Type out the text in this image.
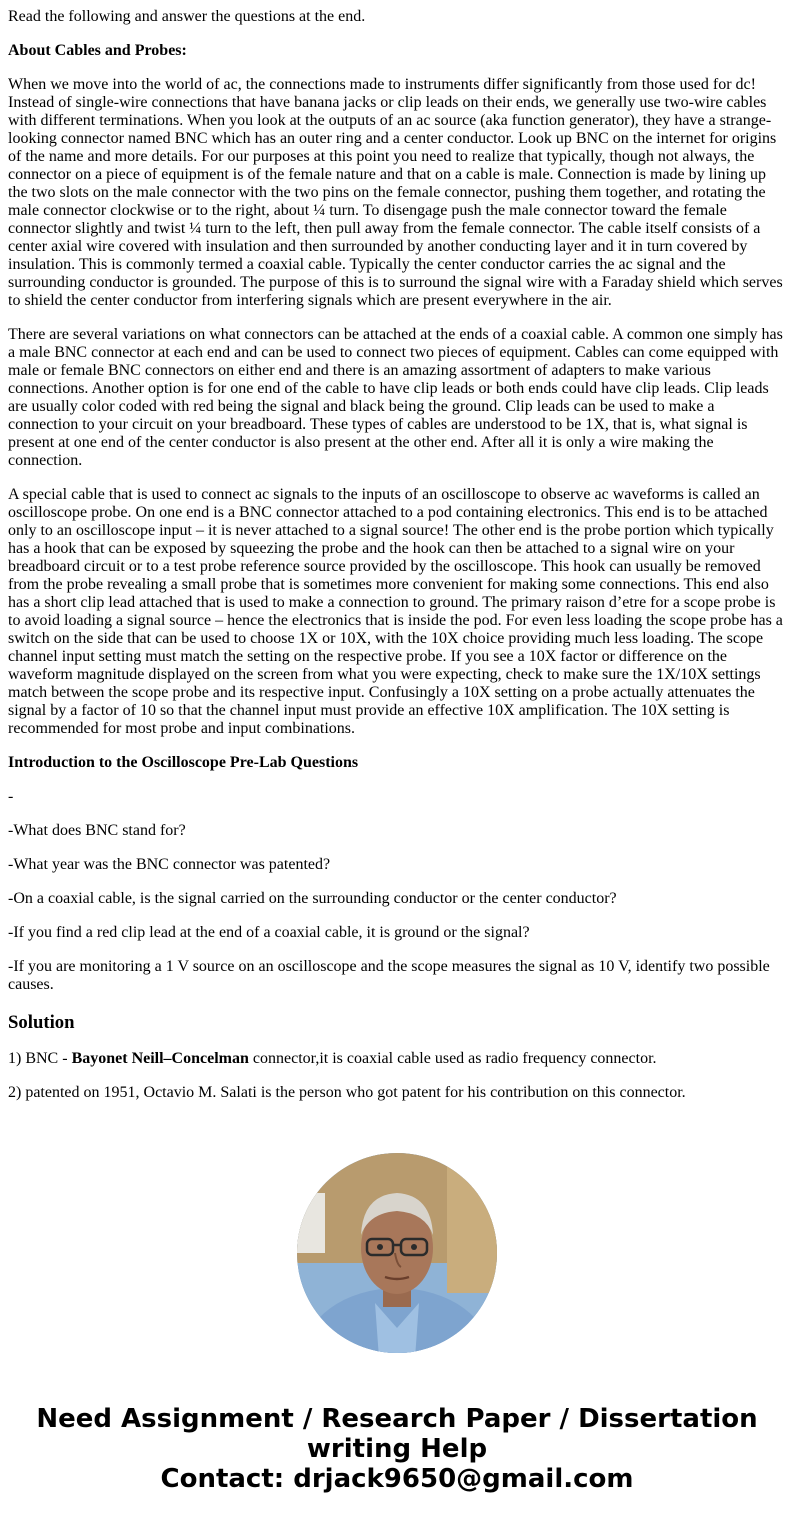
Read the following and answer the questions at the end.

About Cables and Probes:

When we move into the world of ac, the connections made to instruments differ significantly from those used for dc! Instead of single-wire connections that have banana jacks or clip leads on their ends, we generally use two-wire cables with different terminations. When you look at the outputs of an ac source (aka function generator), they have a strange-looking connector named BNC which has an outer ring and a center conductor. Look up BNC on the internet for origins of the name and more details. For our purposes at this point you need to realize that typically, though not always, the connector on a piece of equipment is of the female nature and that on a cable is male. Connection is made by lining up the two slots on the male connector with the two pins on the female connector, pushing them together, and rotating the male connector clockwise or to the right, about ¼ turn. To disengage push the male connector toward the female connector slightly and twist ¼ turn to the left, then pull away from the female connector. The cable itself consists of a center axial wire covered with insulation and then surrounded by another conducting layer and it in turn covered by insulation. This is commonly termed a coaxial cable. Typically the center conductor carries the ac signal and the surrounding conductor is grounded. The purpose of this is to surround the signal wire with a Faraday shield which serves to shield the center conductor from interfering signals which are present everywhere in the air.

There are several variations on what connectors can be attached at the ends of a coaxial cable. A common one simply has a male BNC connector at each end and can be used to connect two pieces of equipment. Cables can come equipped with male or female BNC connectors on either end and there is an amazing assortment of adapters to make various connections. Another option is for one end of the cable to have clip leads or both ends could have clip leads. Clip leads are usually color coded with red being the signal and black being the ground. Clip leads can be used to make a connection to your circuit on your breadboard. These types of cables are understood to be 1X, that is, what signal is present at one end of the center conductor is also present at the other end. After all it is only a wire making the connection.

A special cable that is used to connect ac signals to the inputs of an oscilloscope to observe ac waveforms is called an oscilloscope probe. On one end is a BNC connector attached to a pod containing electronics. This end is to be attached only to an oscilloscope input – it is never attached to a signal source! The other end is the probe portion which typically has a hook that can be exposed by squeezing the probe and the hook can then be attached to a signal wire on your breadboard circuit or to a test probe reference source provided by the oscilloscope. This hook can usually be removed from the probe revealing a small probe that is sometimes more convenient for making some connections. This end also has a short clip lead attached that is used to make a connection to ground. The primary raison d’etre for a scope probe is to avoid loading a signal source – hence the electronics that is inside the pod. For even less loading the scope probe has a switch on the side that can be used to choose 1X or 10X, with the 10X choice providing much less loading. The scope channel input setting must match the setting on the respective probe. If you see a 10X factor or difference on the waveform magnitude displayed on the screen from what you were expecting, check to make sure the 1X/10X settings match between the scope probe and its respective input. Confusingly a 10X setting on a probe actually attenuates the signal by a factor of 10 so that the channel input must provide an effective 10X amplification. The 10X setting is recommended for most probe and input combinations.

Introduction to the Oscilloscope Pre-Lab Questions

-

-What does BNC stand for?

-What year was the BNC connector was patented?

-On a coaxial cable, is the signal carried on the surrounding conductor or the center conductor?

-If you find a red clip lead at the end of a coaxial cable, it is ground or the signal?

-If you are monitoring a 1 V source on an oscilloscope and the scope measures the signal as 10 V, identify two possible causes.

Solution

1) BNC - Bayonet Neill–Concelman connector,it is coaxial cable used as radio frequency connector.

2) patented on 1951, Octavio M. Salati is the person who got patent for his contribution on this connector.

Need Assignment / Research Paper / Dissertation
writing Help
Contact: drjack9650@gmail.com
